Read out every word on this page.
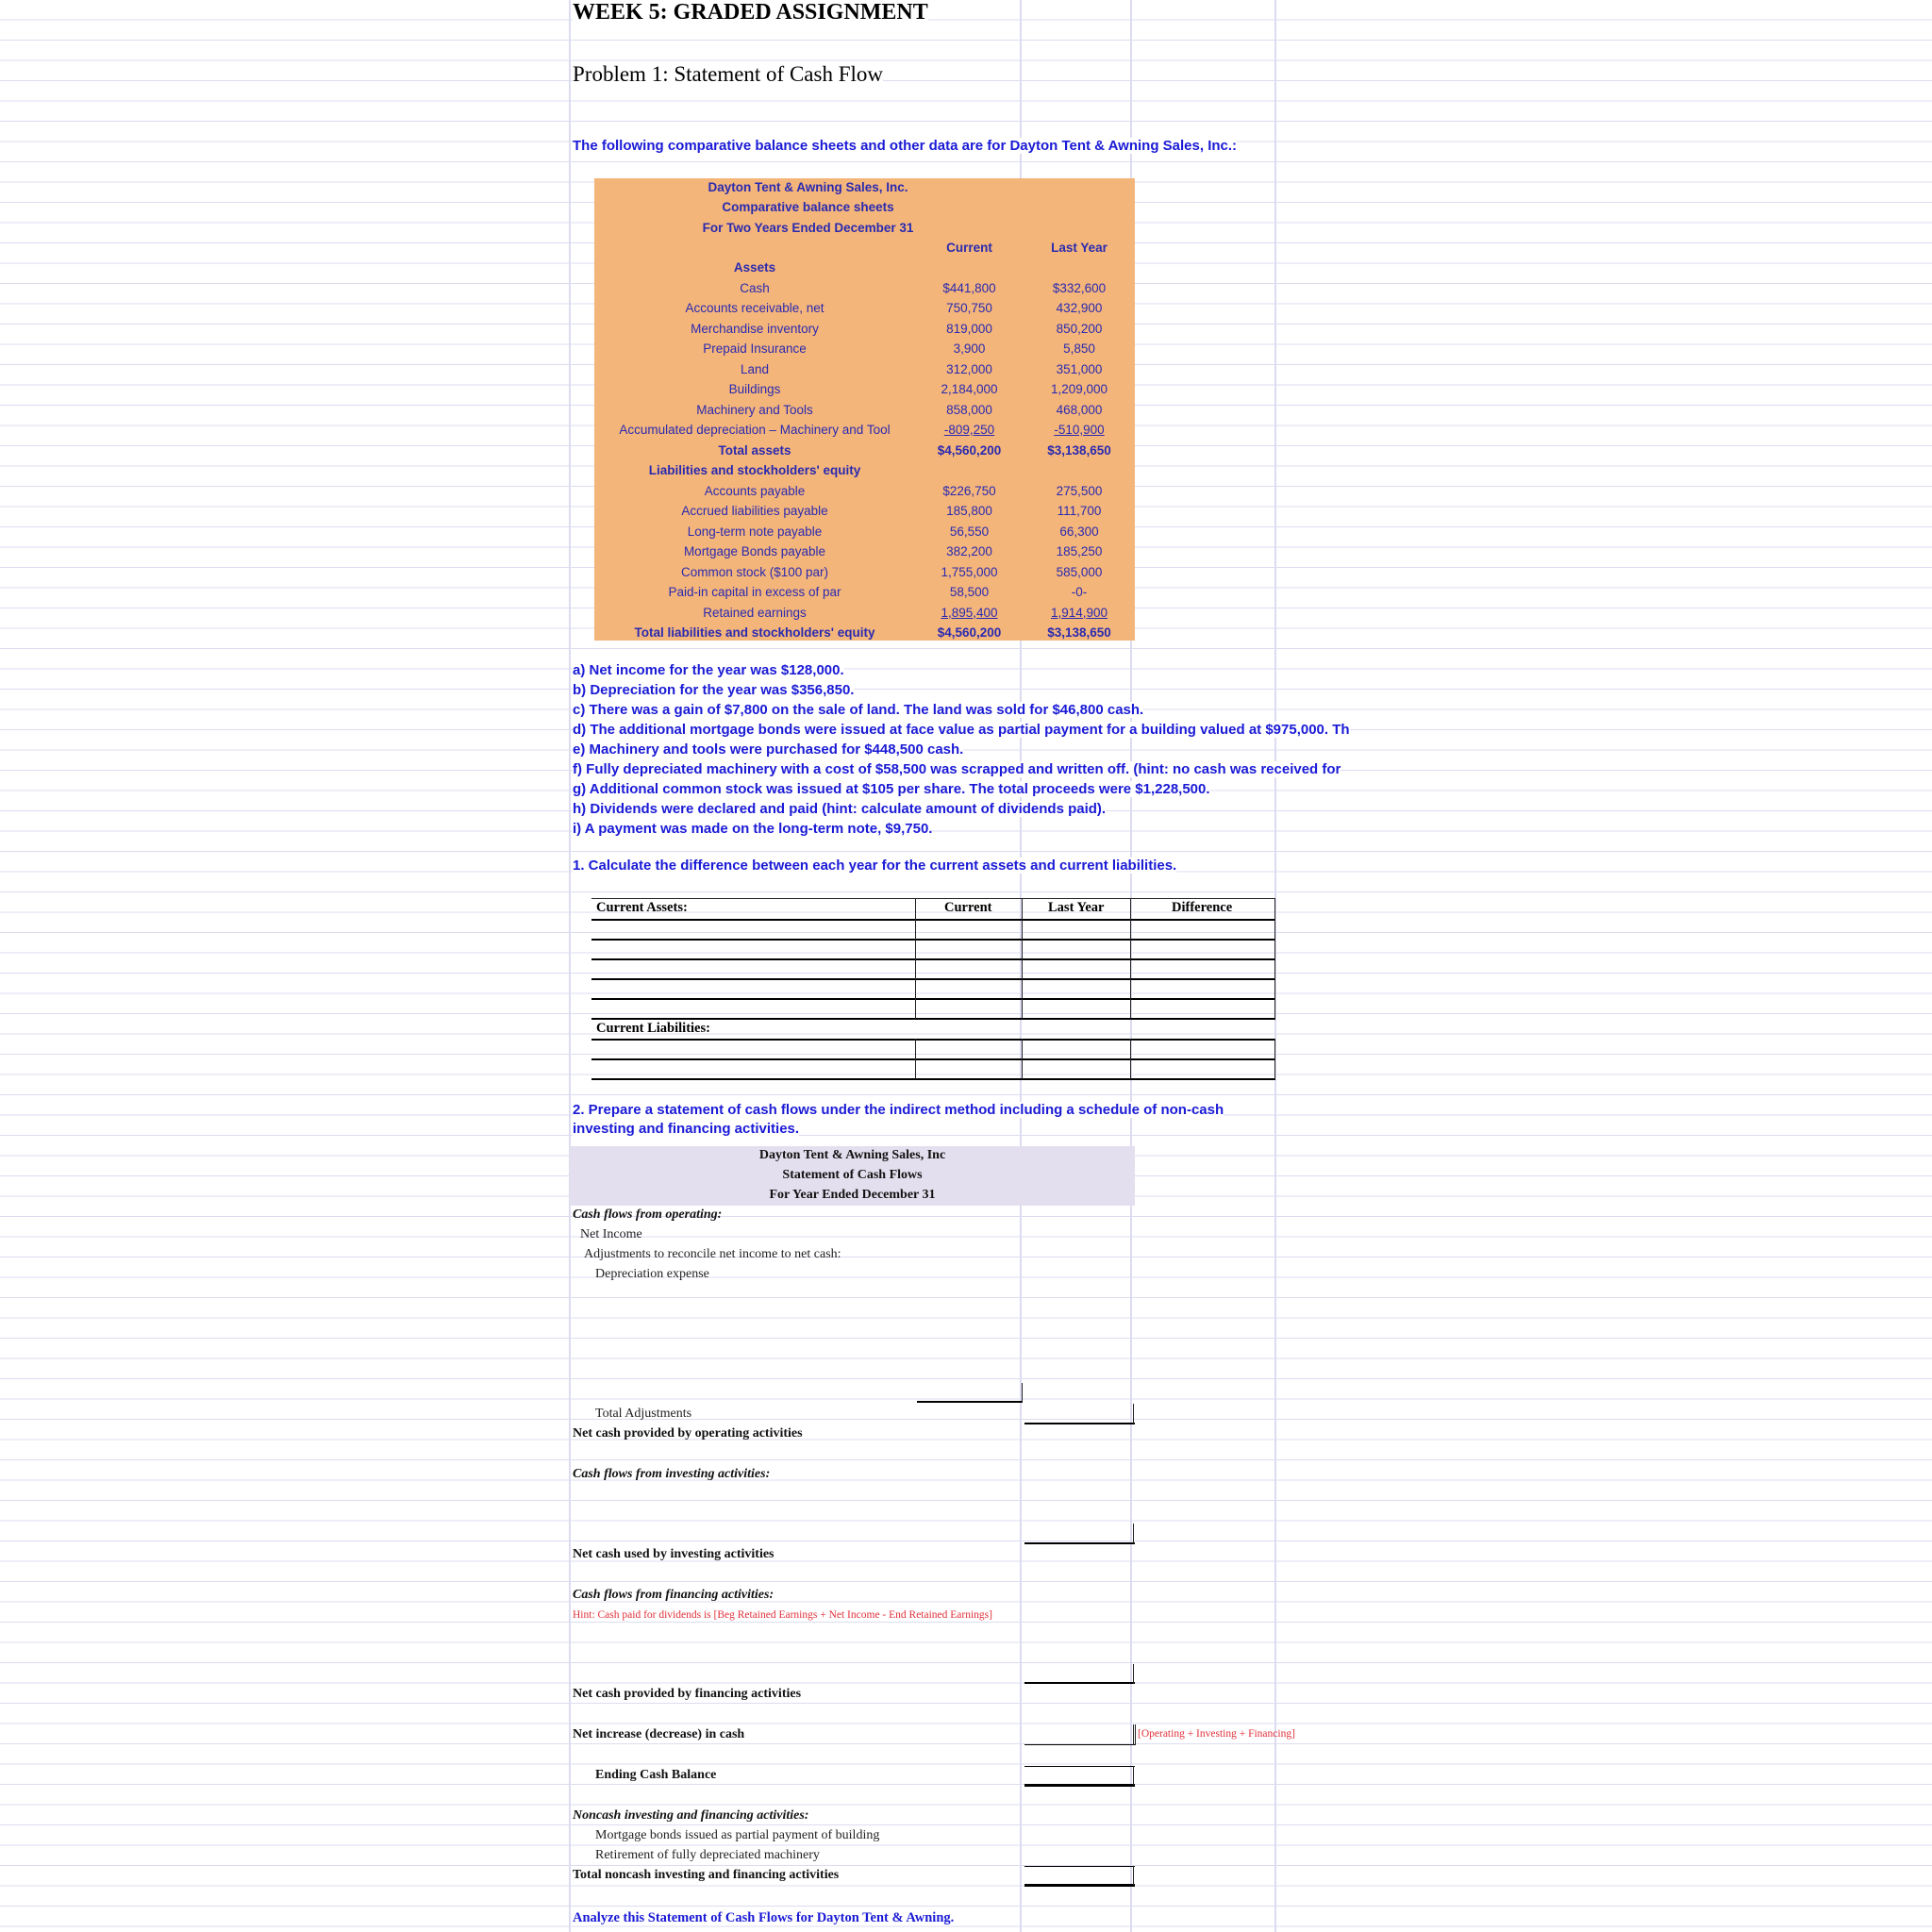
WEEK 5: GRADED ASSIGNMENT
Problem 1: Statement of Cash Flow
The following comparative balance sheets and other data are for Dayton Tent & Awning Sales, Inc.:
Dayton Tent & Awning Sales, Inc.
Comparative balance sheets
For Two Years Ended December 31
Current	Last Year
Assets
Cash	$441,800	$332,600
Accounts receivable, net	750,750	432,900
Merchandise inventory	819,000	850,200
Prepaid Insurance	3,900	5,850
Land	312,000	351,000
Buildings	2,184,000	1,209,000
Machinery and Tools	858,000	468,000
Accumulated depreciation – Machinery and Tool	-809,250	-510,900
Total assets	$4,560,200	$3,138,650
Liabilities and stockholders' equity
Accounts payable	$226,750	275,500
Accrued liabilities payable	185,800	111,700
Long-term note payable	56,550	66,300
Mortgage Bonds payable	382,200	185,250
Common stock ($100 par)	1,755,000	585,000
Paid-in capital in excess of par	58,500	-0-
Retained earnings	1,895,400	1,914,900
Total liabilities and stockholders' equity	$4,560,200	$3,138,650
a) Net income for the year was $128,000.
b) Depreciation for the year was $356,850.
c) There was a gain of $7,800 on the sale of land. The land was sold for $46,800 cash.
d) The additional mortgage bonds were issued at face value as partial payment for a building valued at $975,000. Th
e) Machinery and tools were purchased for $448,500 cash.
f) Fully depreciated machinery with a cost of $58,500 was scrapped and written off. (hint: no cash was received for
g) Additional common stock was issued at $105 per share. The total proceeds were $1,228,500.
h) Dividends were declared and paid (hint: calculate amount of dividends paid).
i) A payment was made on the long-term note, $9,750.
1. Calculate the difference between each year for the current assets and current liabilities.
Current Assets:	Current	Last Year	Difference
Current Liabilities:
2. Prepare a statement of cash flows under the indirect method including a schedule of non-cash
investing and financing activities.
Dayton Tent & Awning Sales, Inc
Statement of Cash Flows
For Year Ended December 31
Cash flows from operating:
Net Income
Adjustments to reconcile net income to net cash:
Depreciation expense
Total Adjustments
Net cash provided by operating activities
Cash flows from investing activities:
Net cash used by investing activities
Cash flows from financing activities:
Hint: Cash paid for dividends is [Beg Retained Earnings + Net Income - End Retained Earnings]
Net cash provided by financing activities
Net increase (decrease) in cash	[Operating + Investing + Financing]
Ending Cash Balance
Noncash investing and financing activities:
Mortgage bonds issued as partial payment of building
Retirement of fully depreciated machinery
Total noncash investing and financing activities
Analyze this Statement of Cash Flows for Dayton Tent & Awning.
